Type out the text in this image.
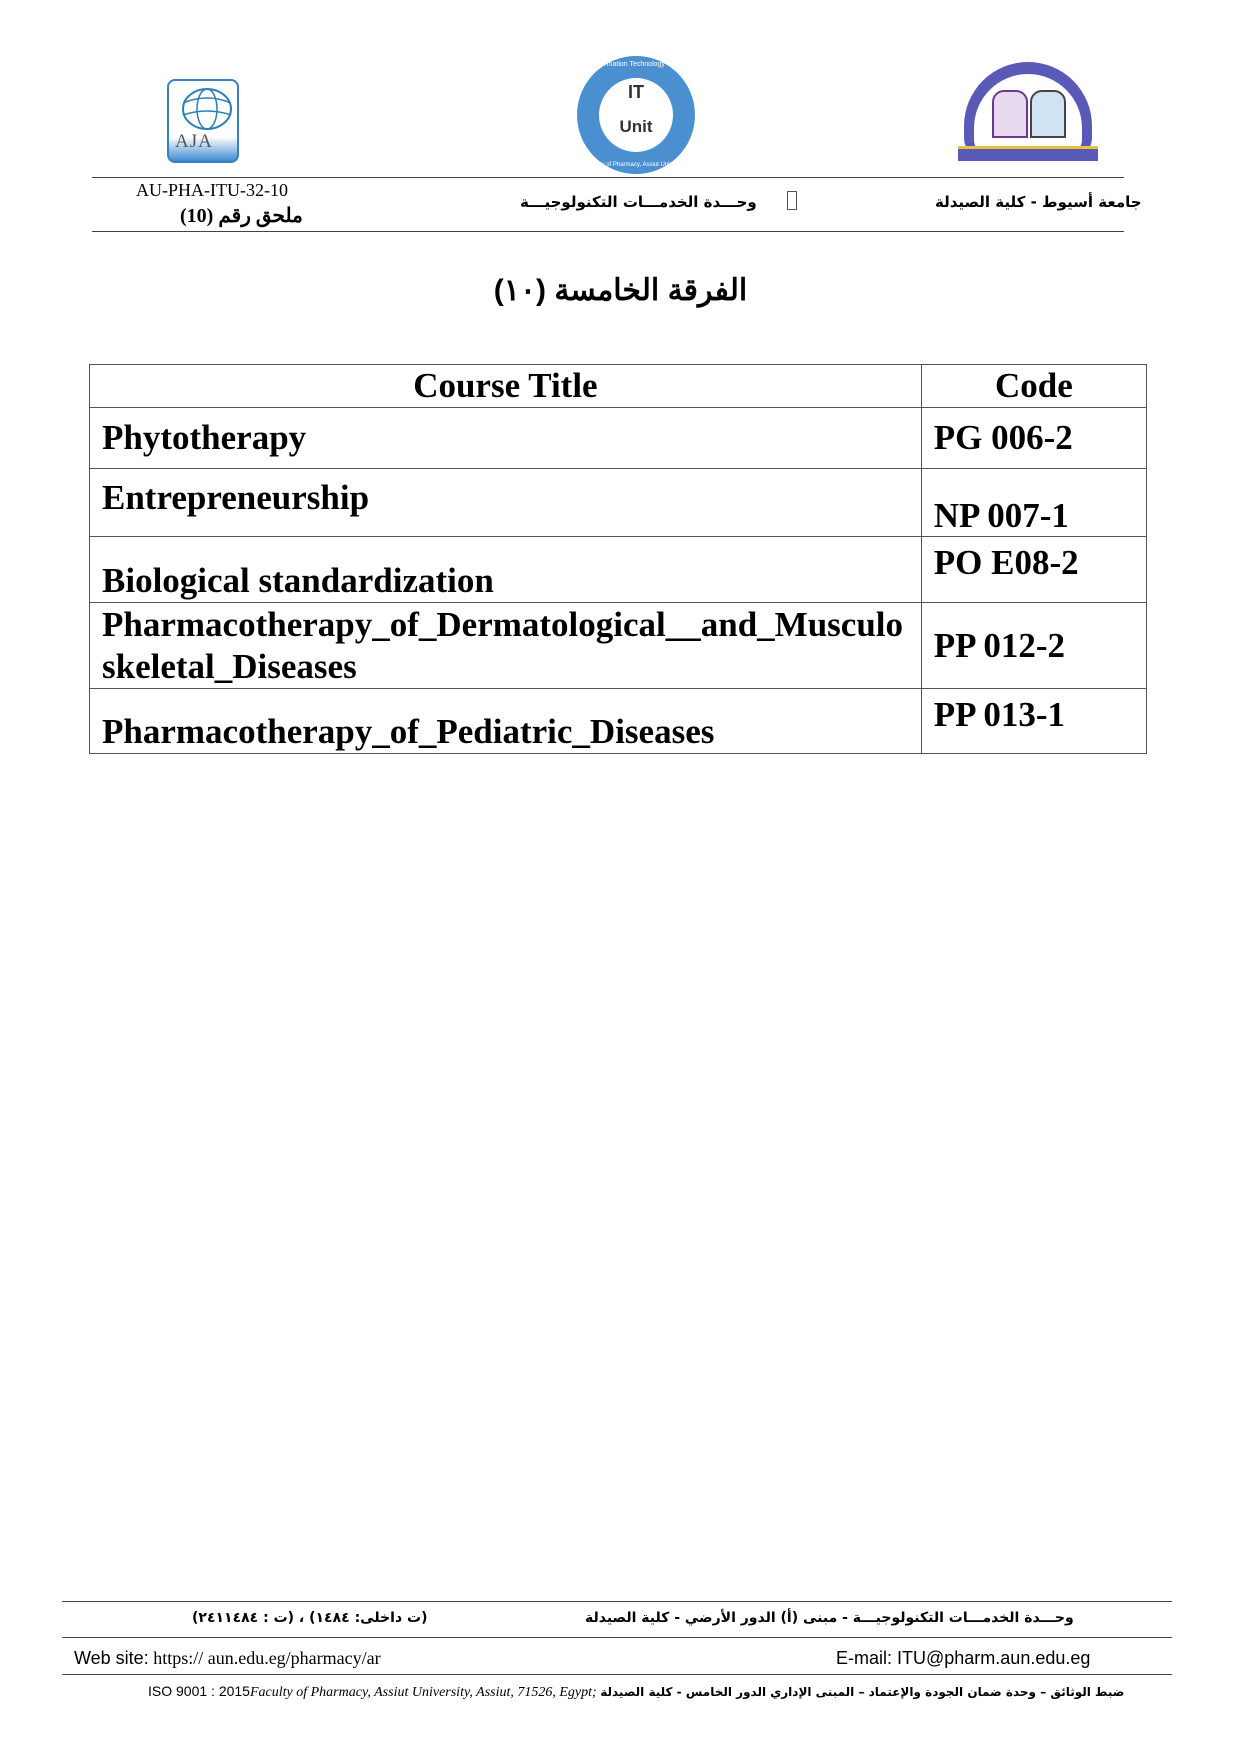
AJA
Information Technology Unit
IT
Unit
Faculty of Pharmacy, Assiut University
AU-PHA-ITU-32-10
ملحق رقم (10)
وحـــدة الخدمـــات التكنولوجيـــة	جامعة أسيوط - كلية الصيدلة
الفرقة الخامسة (١٠)
Course Title	Code
Phytotherapy	PG 006-2
Entrepreneurship	NP 007-1
Biological standardization	PO E08-2
Pharmacotherapy_of_Dermatological__and_Musculoskeletal_Diseases	PP 012-2
Pharmacotherapy_of_Pediatric_Diseases	PP 013-1
(ت داخلى: ١٤٨٤) ، (ت : ٢٤١١٤٨٤)	وحـــدة الخدمـــات التكنولوجيـــة - مبنى (أ) الدور الأرضي - كلية الصيدلة
Web site: https:// aun.edu.eg/pharmacy/ar	E-mail: ITU@pharm.aun.edu.eg
ISO 9001 : 2015Faculty of Pharmacy, Assiut University, Assiut, 71526, Egypt; ضبط الوثائق – وحدة ضمان الجودة والإعتماد – المبنى الإداري الدور الخامس - كلية الصيدلة
